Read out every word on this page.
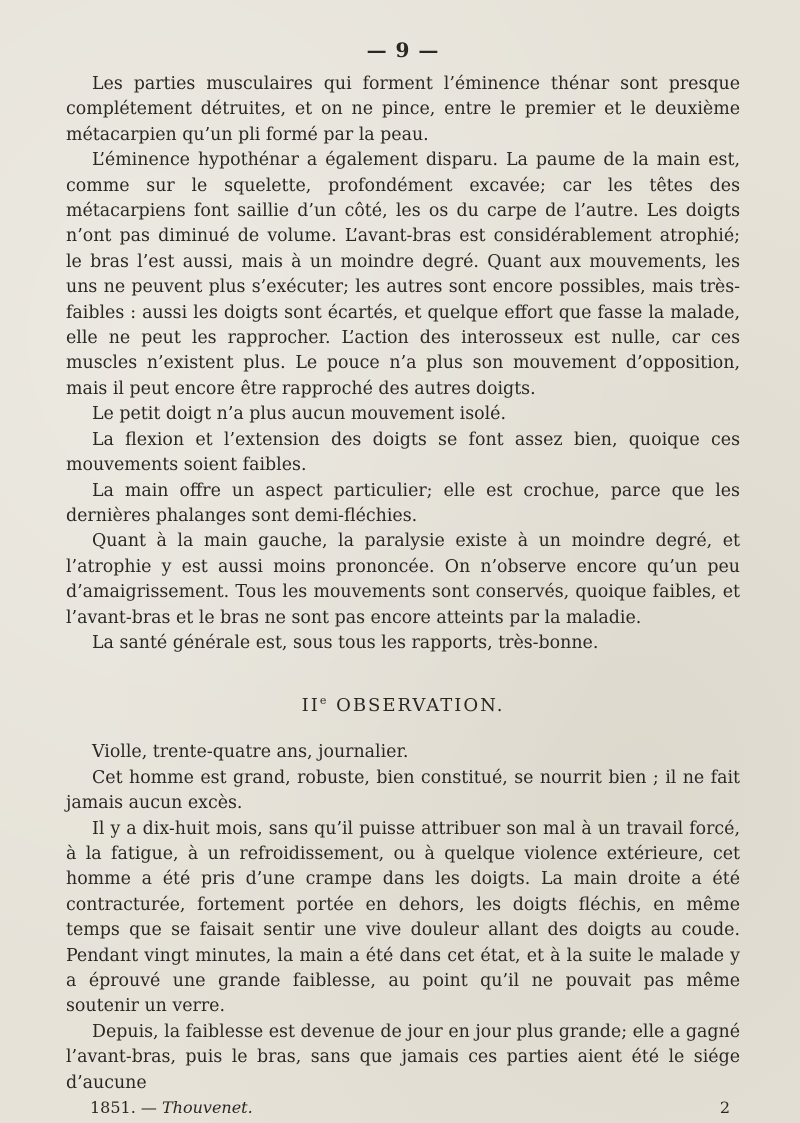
— 9 —

Les parties musculaires qui forment l’éminence thénar sont presque complétement détruites, et on ne pince, entre le premier et le deuxième métacarpien qu’un pli formé par la peau.

L’éminence hypothénar a également disparu. La paume de la main est, comme sur le squelette, profondément excavée; car les têtes des métacarpiens font saillie d’un côté, les os du carpe de l’autre. Les doigts n’ont pas diminué de volume. L’avant-bras est considérablement atrophié; le bras l’est aussi, mais à un moindre degré. Quant aux mouvements, les uns ne peuvent plus s’exécuter; les autres sont encore possibles, mais très-faibles : aussi les doigts sont écartés, et quelque effort que fasse la malade, elle ne peut les rapprocher. L’action des interosseux est nulle, car ces muscles n’existent plus. Le pouce n’a plus son mouvement d’opposition, mais il peut encore être rapproché des autres doigts.

Le petit doigt n’a plus aucun mouvement isolé.

La flexion et l’extension des doigts se font assez bien, quoique ces mouvements soient faibles.

La main offre un aspect particulier; elle est crochue, parce que les dernières phalanges sont demi-fléchies.

Quant à la main gauche, la paralysie existe à un moindre degré, et l’atrophie y est aussi moins prononcée. On n’observe encore qu’un peu d’amaigrissement. Tous les mouvements sont conservés, quoique faibles, et l’avant-bras et le bras ne sont pas encore atteints par la maladie.

La santé générale est, sous tous les rapports, très-bonne.

IIe OBSERVATION.

Violle, trente-quatre ans, journalier.

Cet homme est grand, robuste, bien constitué, se nourrit bien ; il ne fait jamais aucun excès.

Il y a dix-huit mois, sans qu’il puisse attribuer son mal à un travail forcé, à la fatigue, à un refroidissement, ou à quelque violence extérieure, cet homme a été pris d’une crampe dans les doigts. La main droite a été contracturée, fortement portée en dehors, les doigts fléchis, en même temps que se faisait sentir une vive douleur allant des doigts au coude. Pendant vingt minutes, la main a été dans cet état, et à la suite le malade y a éprouvé une grande faiblesse, au point qu’il ne pouvait pas même soutenir un verre.

Depuis, la faiblesse est devenue de jour en jour plus grande; elle a gagné l’avant-bras, puis le bras, sans que jamais ces parties aient été le siége d’aucune

1851. — Thouvenet.	2
